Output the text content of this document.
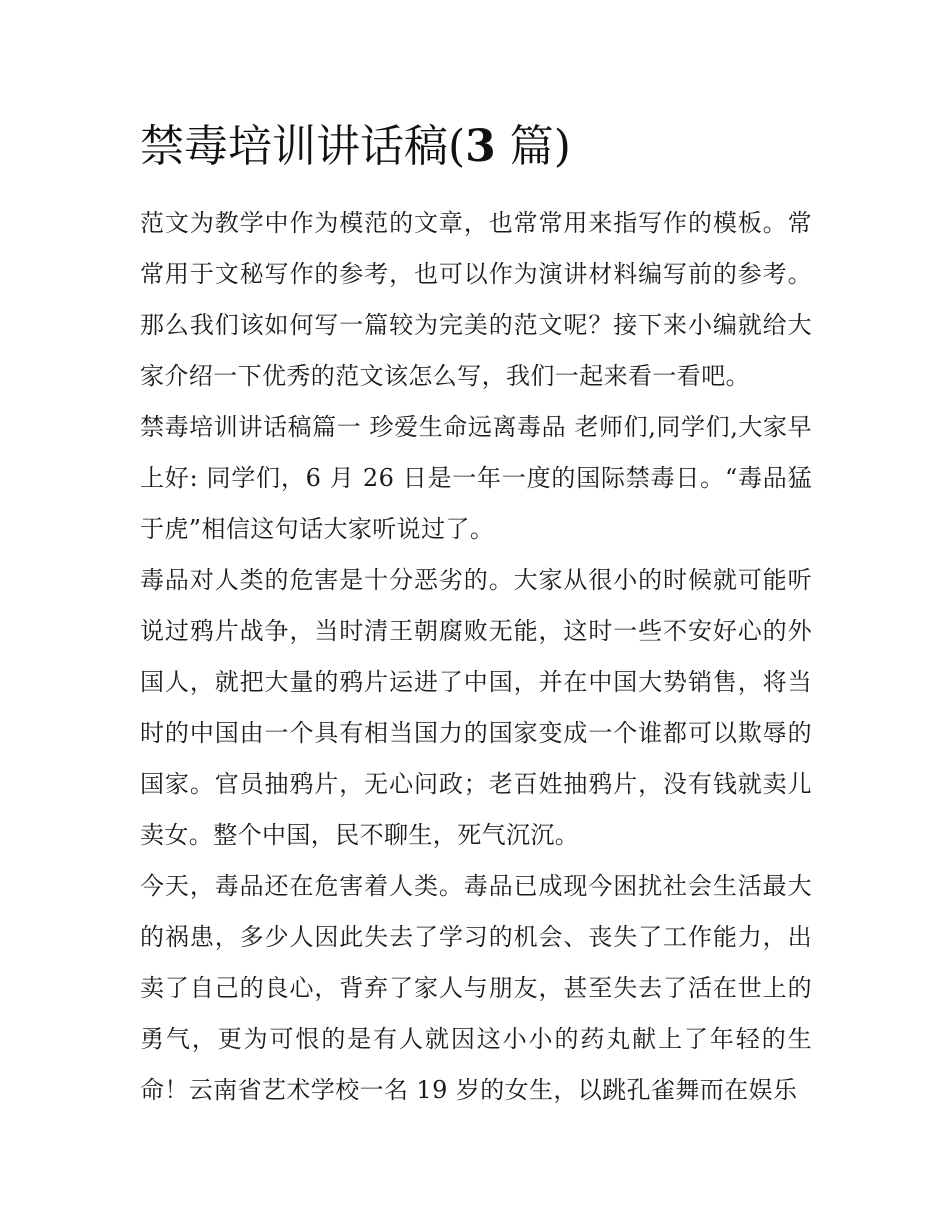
禁毒培训讲话稿(3 篇)

范文为教学中作为模范的文章，也常常用来指写作的模板。常常用于文秘写作的参考，也可以作为演讲材料编写前的参考。那么我们该如何写一篇较为完美的范文呢？接下来小编就给大家介绍一下优秀的范文该怎么写，我们一起来看一看吧。

禁毒培训讲话稿篇一 珍爱生命远离毒品 老师们,同学们,大家早上好: 同学们，6 月 26 日是一年一度的国际禁毒日。“毒品猛于虎”相信这句话大家听说过了。

毒品对人类的危害是十分恶劣的。大家从很小的时候就可能听说过鸦片战争，当时清王朝腐败无能，这时一些不安好心的外国人，就把大量的鸦片运进了中国，并在中国大势销售，将当时的中国由一个具有相当国力的国家变成一个谁都可以欺辱的国家。官员抽鸦片，无心问政；老百姓抽鸦片，没有钱就卖儿卖女。整个中国，民不聊生，死气沉沉。

今天，毒品还在危害着人类。毒品已成现今困扰社会生活最大的祸患，多少人因此失去了学习的机会、丧失了工作能力，出卖了自己的良心，背弃了家人与朋友，甚至失去了活在世上的勇气，更为可恨的是有人就因这小小的药丸献上了年轻的生命！云南省艺术学校一名 19 岁的女生，以跳孔雀舞而在娱乐
